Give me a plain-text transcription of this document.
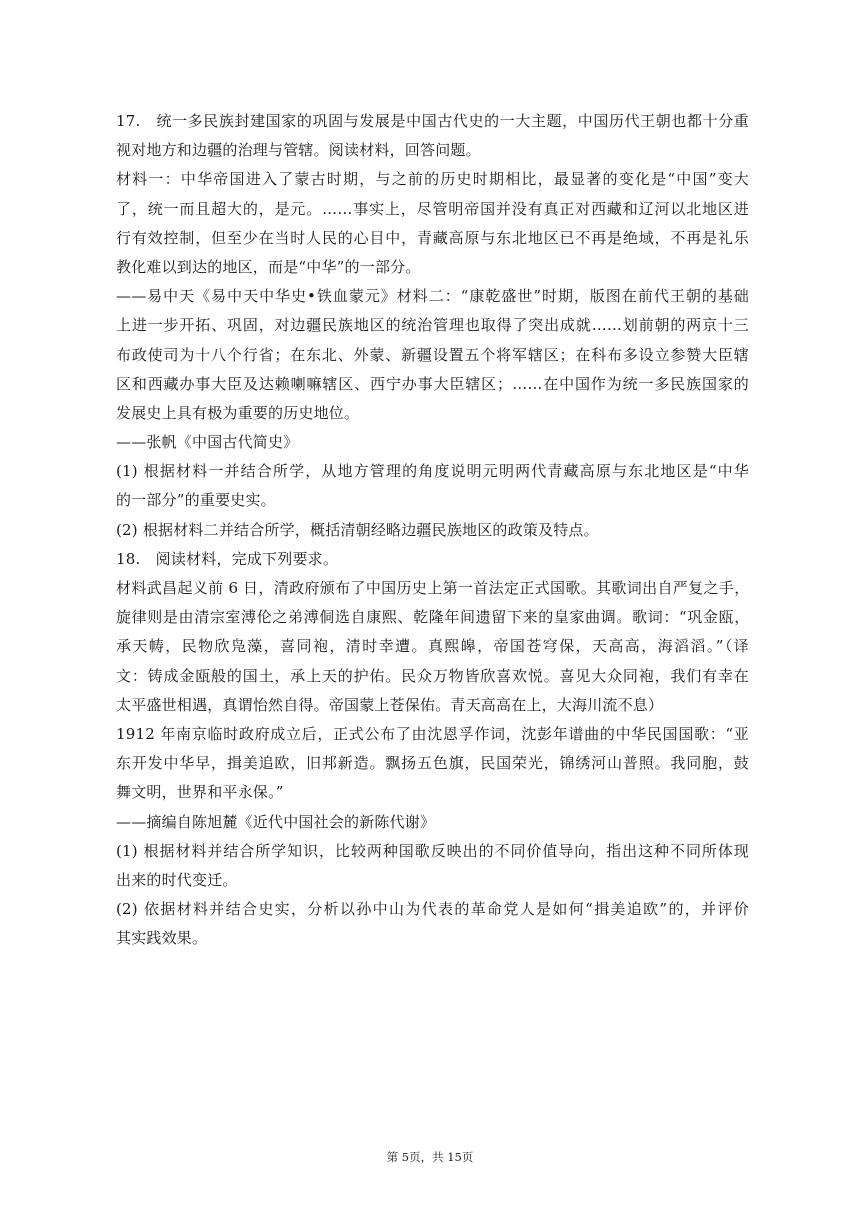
17.　统一多民族封建国家的巩固与发展是中国古代史的一大主题，中国历代王朝也都十分重
视对地方和边疆的治理与管辖。阅读材料，回答问题。
材料一：中华帝国进入了蒙古时期，与之前的历史时期相比，最显著的变化是“中国”变大
了，统一而且超大的，是元。……事实上，尽管明帝国并没有真正对西藏和辽河以北地区进
行有效控制，但至少在当时人民的心目中，青藏高原与东北地区已不再是绝域，不再是礼乐
教化难以到达的地区，而是“中华”的一部分。
——易中天《易中天中华史•铁血蒙元》材料二：“康乾盛世”时期，版图在前代王朝的基础
上进一步开拓、巩固，对边疆民族地区的统治管理也取得了突出成就……划前朝的两京十三
布政使司为十八个行省；在东北、外蒙、新疆设置五个将军辖区；在科布多设立参赞大臣辖
区和西藏办事大臣及达赖喇嘛辖区、西宁办事大臣辖区；……在中国作为统一多民族国家的
发展史上具有极为重要的历史地位。
——张帆《中国古代简史》
(1) 根据材料一并结合所学，从地方管理的角度说明元明两代青藏高原与东北地区是“中华
的一部分”的重要史实。
(2) 根据材料二并结合所学，概括清朝经略边疆民族地区的政策及特点。
18.　阅读材料，完成下列要求。
材料武昌起义前 6 日，清政府颁布了中国历史上第一首法定正式国歌。其歌词出自严复之手，
旋律则是由清宗室溥伦之弟溥侗选自康熙、乾隆年间遗留下来的皇家曲调。歌词：“巩金瓯，
承天帱，民物欣凫藻，喜同袍，清时幸遭。真熙皞，帝国苍穹保，天高高，海滔滔。”（译
文：铸成金瓯般的国土，承上天的护佑。民众万物皆欣喜欢悦。喜见大众同袍，我们有幸在
太平盛世相遇，真谓怡然自得。帝国蒙上苍保佑。青天高高在上，大海川流不息）
1912 年南京临时政府成立后，正式公布了由沈恩孚作词，沈彭年谱曲的中华民国国歌：“亚
东开发中华早，揖美追欧，旧邦新造。飘扬五色旗，民国荣光，锦绣河山普照。我同胞，鼓
舞文明，世界和平永保。”
——摘编自陈旭麓《近代中国社会的新陈代谢》
(1) 根据材料并结合所学知识，比较两种国歌反映出的不同价值导向，指出这种不同所体现
出来的时代变迁。
(2) 依据材料并结合史实，分析以孙中山为代表的革命党人是如何“揖美追欧”的，并评价
其实践效果。
第 5页，共 15页
